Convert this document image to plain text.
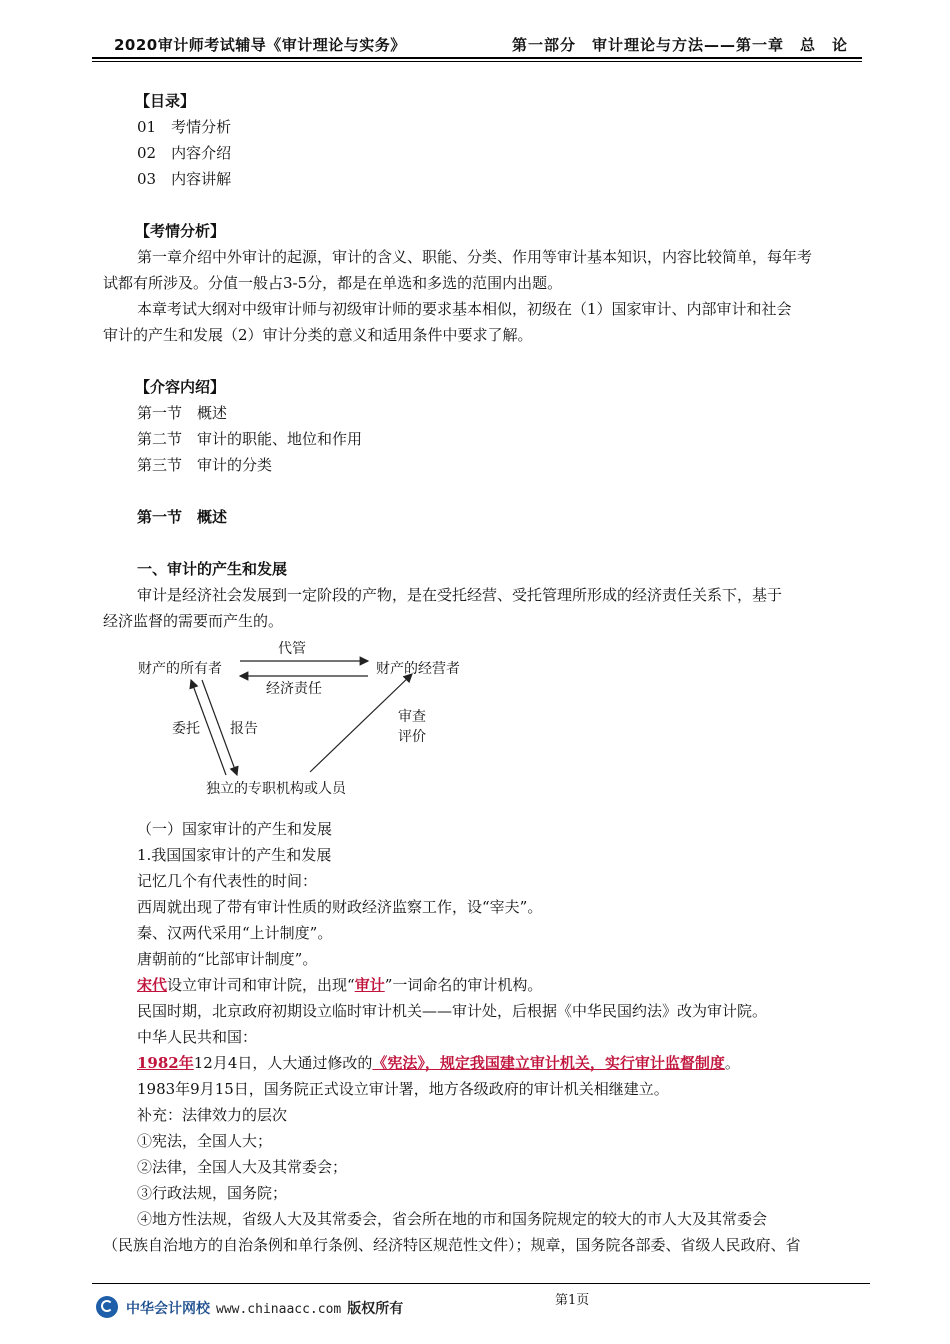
2020审计师考试辅导《审计理论与实务》	第一部分　审计理论与方法——第一章　总　论
【目录】
01　考情分析
02　内容介绍
03　内容讲解
【考情分析】
第一章介绍中外审计的起源，审计的含义、职能、分类、作用等审计基本知识，内容比较简单，每年考
试都有所涉及。分值一般占3-5分，都是在单选和多选的范围内出题。
本章考试大纲对中级审计师与初级审计师的要求基本相似，初级在（1）国家审计、内部审计和社会
审计的产生和发展（2）审计分类的意义和适用条件中要求了解。
【介容内绍】
第一节　概述
第二节　审计的职能、地位和作用
第三节　审计的分类
第一节　概述
一、审计的产生和发展
审计是经济社会发展到一定阶段的产物，是在受托经营、受托管理所形成的经济责任关系下，基于
经济监督的需要而产生的。
财产的所有者	财产的经营者
代管
经济责任
委托 报告
审查
评价
独立的专职机构或人员
（一）国家审计的产生和发展
1.我国国家审计的产生和发展
记忆几个有代表性的时间：
西周就出现了带有审计性质的财政经济监察工作，设“宰夫”。
秦、汉两代采用“上计制度”。
唐朝前的“比部审计制度”。
宋代设立审计司和审计院，出现“审计”一词命名的审计机构。
民国时期，北京政府初期设立临时审计机关——审计处，后根据《中华民国约法》改为审计院。
中华人民共和国：
1982年12月4日，人大通过修改的《宪法》，规定我国建立审计机关，实行审计监督制度。
1983年9月15日，国务院正式设立审计署，地方各级政府的审计机关相继建立。
补充：法律效力的层次
①宪法，全国人大；
②法律，全国人大及其常委会；
③行政法规，国务院；
④地方性法规，省级人大及其常委会，省会所在地的市和国务院规定的较大的市人大及其常委会
（民族自治地方的自治条例和单行条例、经济特区规范性文件）；规章，国务院各部委、省级人民政府、省
第1页
中华会计网校 www.chinaacc.com 版权所有
